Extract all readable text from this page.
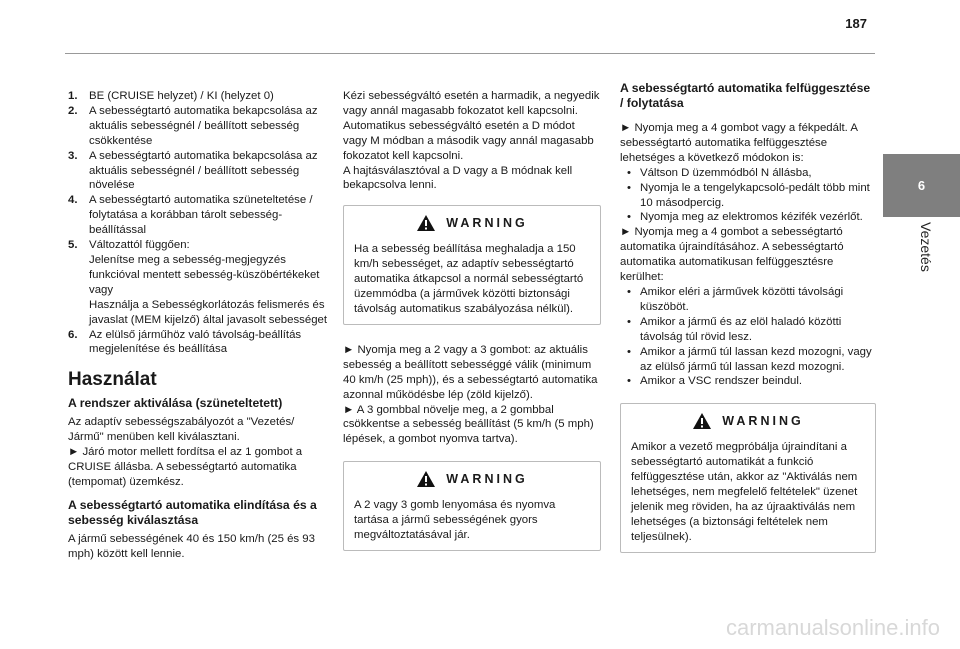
187
6
Vezetés
1.	BE (CRUISE helyzet) / KI (helyzet 0)
2.	A sebességtartó automatika bekapcsolása az aktuális sebességnél / beállított sebesség csökkentése
3.	A sebességtartó automatika bekapcsolása az aktuális sebességnél / beállított sebesség növelése
4.	A sebességtartó automatika szüneteltetése / folytatása a korábban tárolt sebesség-beállítással
5.	Változattól függően:
Jelenítse meg a sebesség-megjegyzés funkcióval mentett sebesség-küszöbértékeket vagy
Használja a Sebességkorlátozás felismerés és javaslat (MEM kijelző) által javasolt sebességet
6.	Az elülső járműhöz való távolság-beállítás megjelenítése és beállítása
Használat
A rendszer aktiválása (szüneteltetett)

Az adaptív sebességszabályozót a "Vezetés/ Jármű" menüben kell kiválasztani.

► Járó motor mellett fordítsa el az 1 gombot a CRUISE állásba. A sebességtartó automatika (tempomat) üzemkész.

A sebességtartó automatika elindítása és a sebesség kiválasztása

A jármű sebességének 40 és 150 km/h (25 és 93 mph) között kell lennie.

Kézi sebességváltó esetén a harmadik, a negyedik vagy annál magasabb fokozatot kell kapcsolni.

Automatikus sebességváltó esetén a D módot vagy M módban a második vagy annál magasabb fokozatot kell kapcsolni.

A hajtásválasztóval a D vagy a B módnak kell bekapcsolva lenni.

WARNING

Ha a sebesség beállítása meghaladja a 150 km/h sebességet, az adaptív sebességtartó automatika átkapcsol a normál sebességtartó üzemmódba (a járművek közötti biztonsági távolság automatikus szabályozása nélkül).

► Nyomja meg a 2 vagy a 3 gombot: az aktuális sebesség a beállított sebességgé válik (minimum 40 km/h (25 mph)), és a sebességtartó automatika azonnal működésbe lép (zöld kijelző).

► A 3 gombbal növelje meg, a 2 gombbal csökkentse a sebesség beállítást (5 km/h (5 mph) lépések, a gombot nyomva tartva).

WARNING

A 2 vagy 3 gomb lenyomása és nyomva tartása a jármű sebességének gyors megváltoztatásával jár.

A sebességtartó automatika felfüggesztése / folytatása

► Nyomja meg a 4 gombot vagy a fékpedált. A sebességtartó automatika felfüggesztése lehetséges a következő módokon is:

• Váltson D üzemmódból N állásba,
• Nyomja le a tengelykapcsoló-pedált több mint 10 másodpercig.
• Nyomja meg az elektromos kézifék vezérlőt.

► Nyomja meg a 4 gombot a sebességtartó automatika újraindításához. A sebességtartó automatika automatikusan felfüggesztésre kerülhet:

• Amikor eléri a járművek közötti távolsági küszöböt.
• Amikor a jármű és az elöl haladó közötti távolság túl rövid lesz.
• Amikor a jármű túl lassan kezd mozogni, vagy az elülső jármű túl lassan kezd mozogni.
• Amikor a VSC rendszer beindul.
WARNING

Amikor a vezető megpróbálja újraindítani a sebességtartó automatikát a funkció felfüggesztése után, akkor az "Aktiválás nem lehetséges, nem megfelelő feltételek" üzenet jelenik meg röviden, ha az újraaktiválás nem lehetséges (a biztonsági feltételek nem teljesülnek).

carmanualsonline.info
